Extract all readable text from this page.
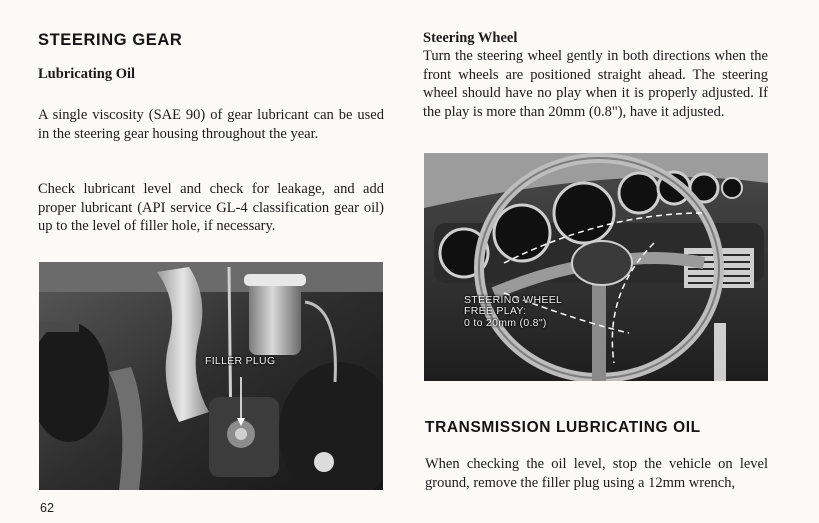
STEERING GEAR
Lubricating Oil
A single viscosity (SAE 90) of gear lubricant can be used in the steering gear housing throughout the year.
Check lubricant level and check for leakage, and add proper lubricant (API service GL-4 classification gear oil) up to the level of filler hole, if necessary.
FILLER PLUG
62
Steering Wheel
Turn the steering wheel gently in both directions when the front wheels are positioned straight ahead. The steering wheel should have no play when it is properly adjusted. If the play is more than 20mm (0.8"), have it adjusted.
STEERING WHEEL
FREE PLAY:
0 to 20mm (0.8")
TRANSMISSION LUBRICATING OIL
When checking the oil level, stop the vehicle on level ground, remove the filler plug using a 12mm wrench,
